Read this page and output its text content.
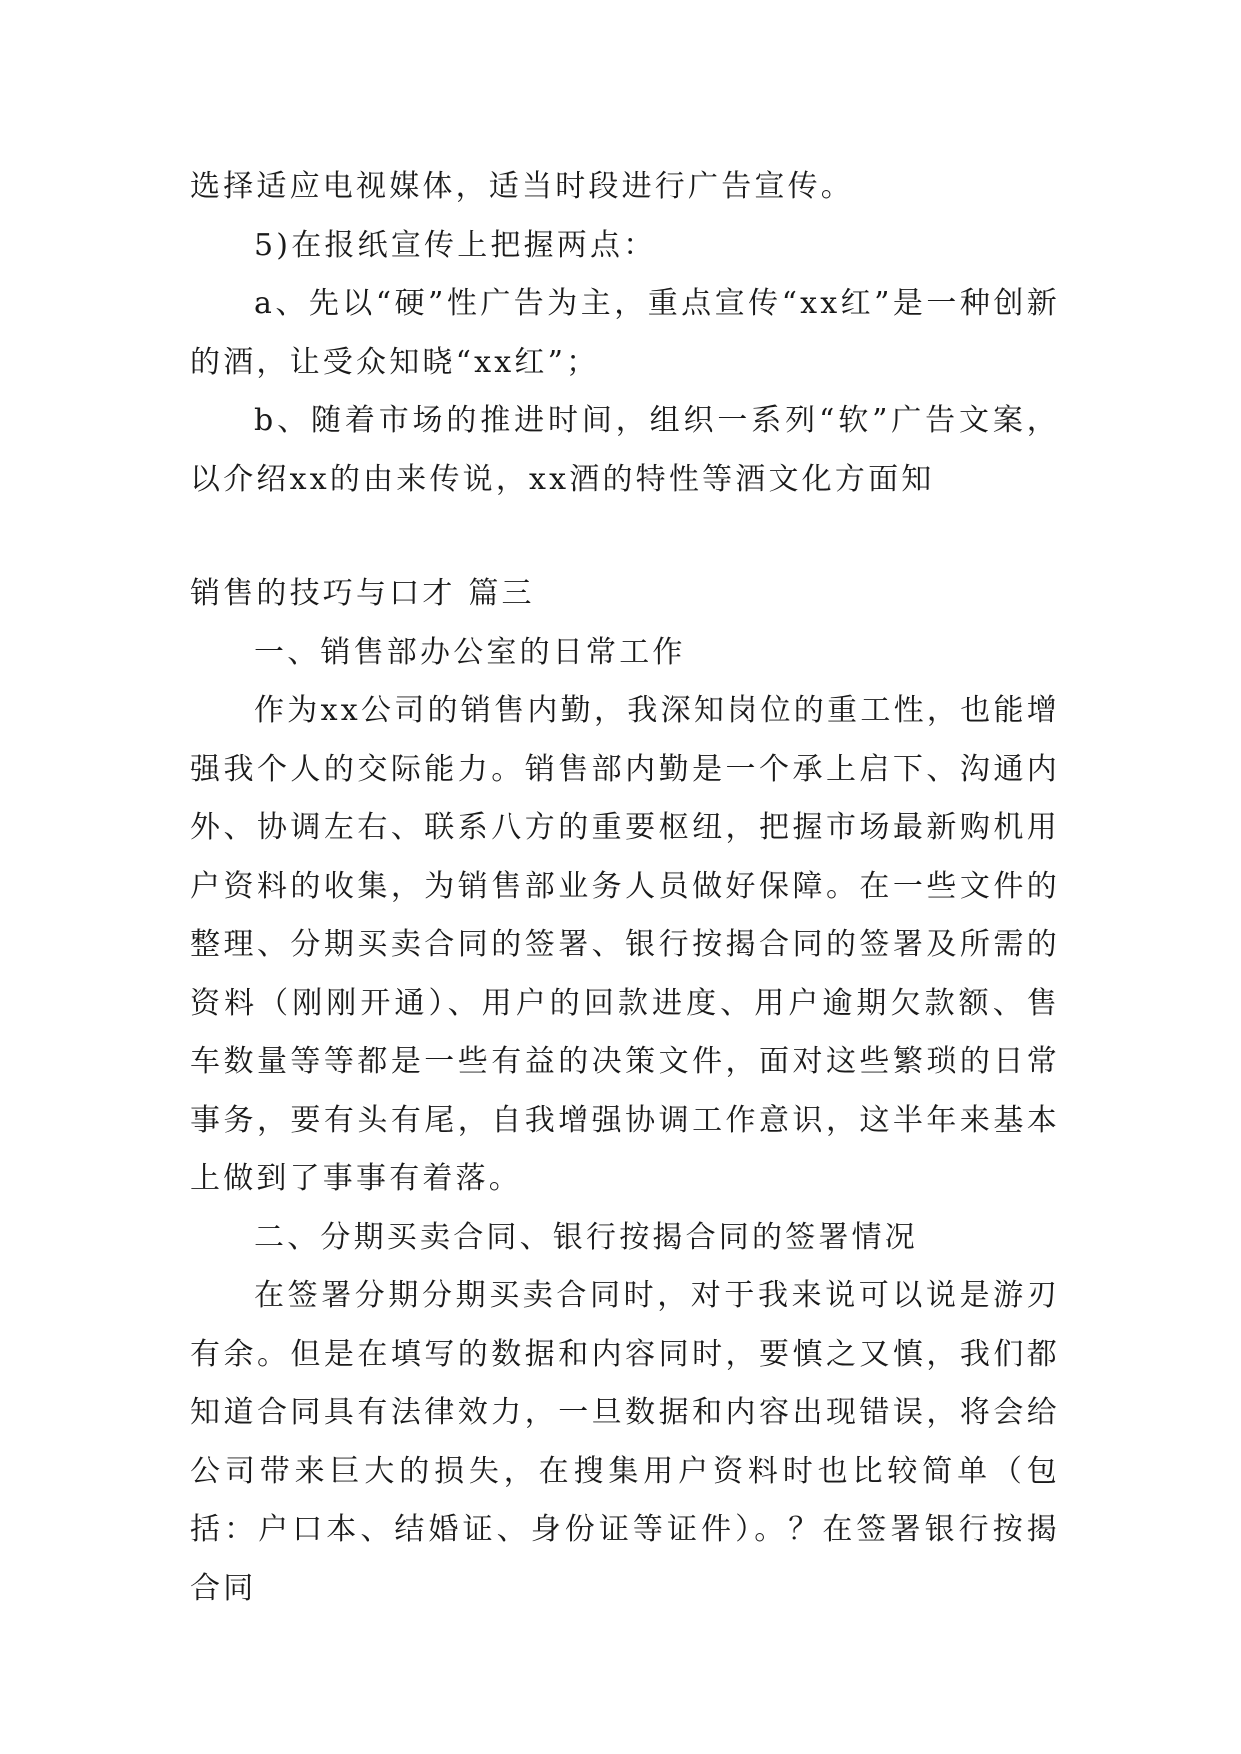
选择适应电视媒体，适当时段进行广告宣传。

5)在报纸宣传上把握两点：

a、先以“硬”性广告为主，重点宣传“xx红”是一种创新的酒，让受众知晓“xx红”；

b、随着市场的推进时间，组织一系列“软”广告文案，以介绍xx的由来传说，xx酒的特性等酒文化方面知

销售的技巧与口才 篇三

一、销售部办公室的日常工作

作为xx公司的销售内勤，我深知岗位的重工性，也能增强我个人的交际能力。销售部内勤是一个承上启下、沟通内外、协调左右、联系八方的重要枢纽，把握市场最新购机用户资料的收集，为销售部业务人员做好保障。在一些文件的整理、分期买卖合同的签署、银行按揭合同的签署及所需的资料（刚刚开通）、用户的回款进度、用户逾期欠款额、售车数量等等都是一些有益的决策文件，面对这些繁琐的日常事务，要有头有尾，自我增强协调工作意识，这半年来基本上做到了事事有着落。

二、分期买卖合同、银行按揭合同的签署情况

在签署分期分期买卖合同时，对于我来说可以说是游刃有余。但是在填写的数据和内容同时，要慎之又慎，我们都知道合同具有法律效力，一旦数据和内容出现错误，将会给公司带来巨大的损失，在搜集用户资料时也比较简单（包括：户口本、结婚证、身份证等证件）。？在签署银行按揭合同
